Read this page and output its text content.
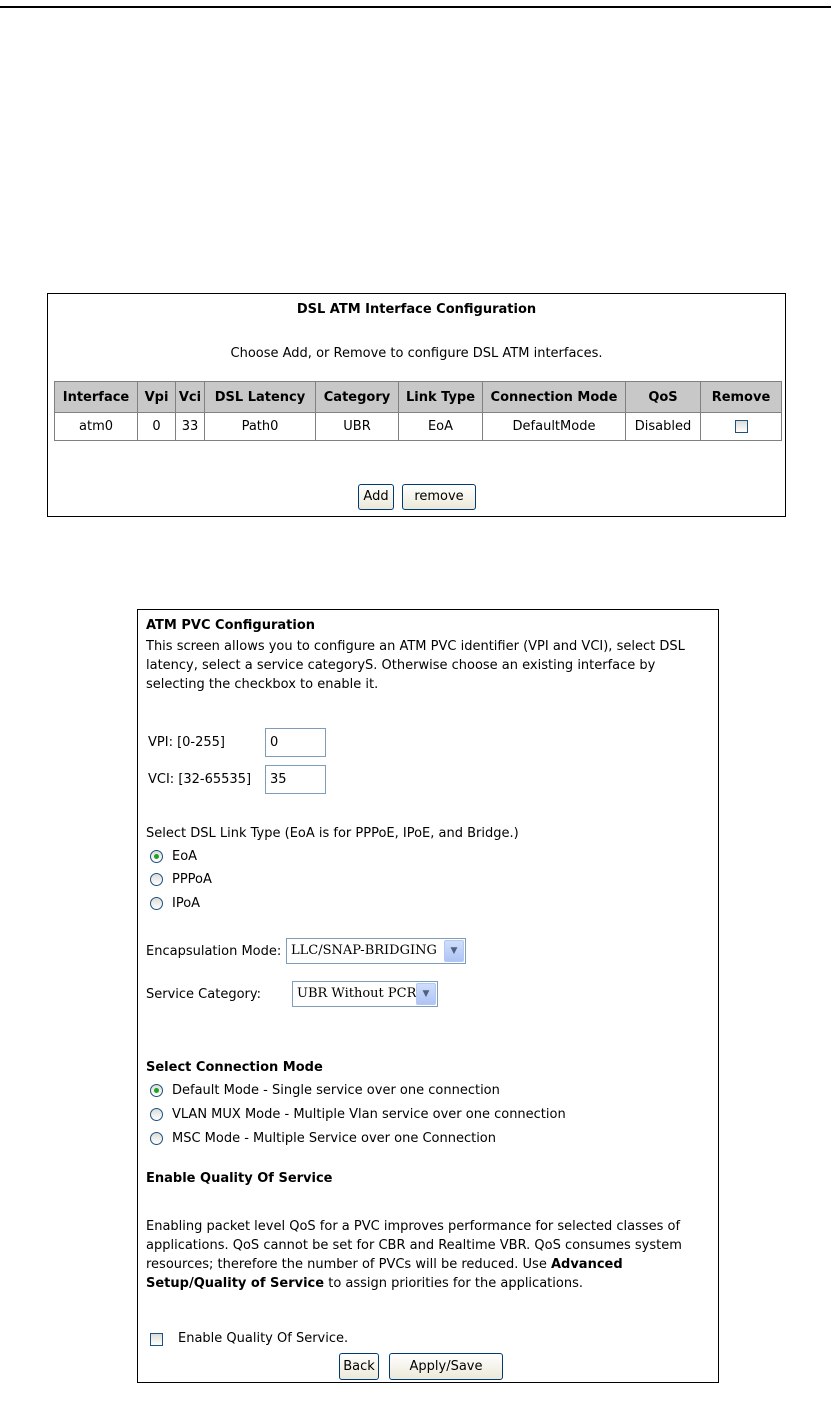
DSL ATM Interface Configuration
Choose Add, or Remove to configure DSL ATM interfaces.
Interface	Vpi	Vci	DSL Latency	Category	Link Type	Connection Mode	QoS	Remove
atm0	0	33	Path0	UBR	EoA	DefaultMode	Disabled	
Add	remove
ATM PVC Configuration
This screen allows you to configure an ATM PVC identifier (VPI and VCI), select DSL latency, select a service categoryS. Otherwise choose an existing interface by selecting the checkbox to enable it.
VPI: [0-255]
0
VCI: [32-65535]
35
Select DSL Link Type (EoA is for PPPoE, IPoE, and Bridge.)
EoA
PPPoA
IPoA
Encapsulation Mode: LLC/SNAP-BRIDGING	▼
Service Category:	UBR Without PCR ▼
Select Connection Mode
Default Mode - Single service over one connection
VLAN MUX Mode - Multiple Vlan service over one connection
MSC Mode - Multiple Service over one Connection
Enable Quality Of Service
Enabling packet level QoS for a PVC improves performance for selected classes of applications. QoS cannot be set for CBR and Realtime VBR. QoS consumes system resources; therefore the number of PVCs will be reduced. Use Advanced Setup/Quality of Service to assign priorities for the applications.
Enable Quality Of Service.
Back	Apply/Save
